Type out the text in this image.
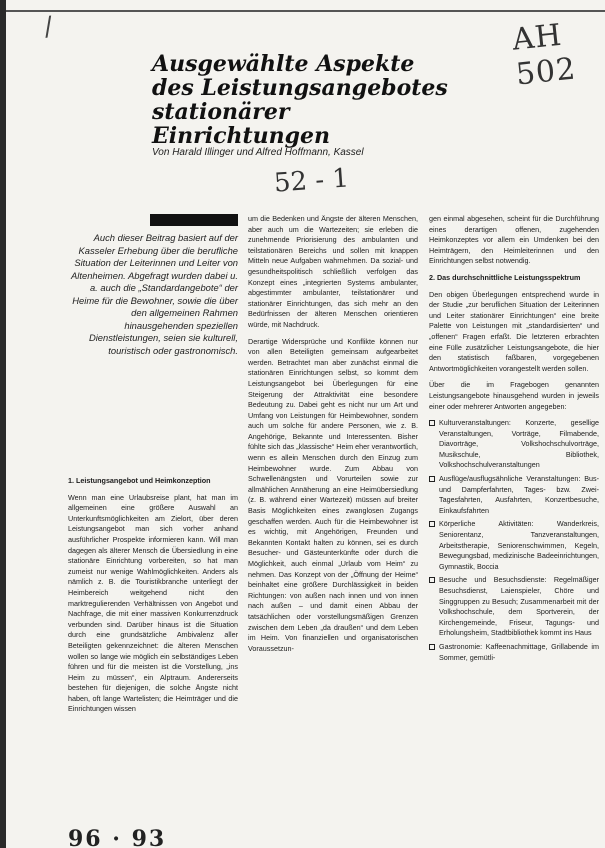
/	AH 502
Ausgewählte Aspekte des Leistungsangebotes stationärer Einrichtungen
Von Harald Illinger und Alfred Hoffmann, Kassel
52 - 1
Auch dieser Beitrag basiert auf der Kasseler Erhebung über die berufliche Situation der Leiterinnen und Leiter von Altenheimen. Abgefragt wurden dabei u. a. auch die „Standardangebote“ der Heime für die Bewohner, sowie die über den allgemeinen Rahmen hinausgehenden speziellen Dienstleistungen, seien sie kulturell, touristisch oder gastronomisch.

1. Leistungsangebot und Heimkonzeption

Wenn man eine Urlaubsreise plant, hat man im allgemeinen eine größere Auswahl an Unterkunftsmöglichkeiten am Zielort, über deren Leistungsangebot man sich vorher anhand ausführlicher Prospekte informieren kann. Will man dagegen als älterer Mensch die Übersiedlung in eine stationäre Einrichtung vorbereiten, so hat man zumeist nur wenige Wahlmöglichkeiten. Anders als nämlich z. B. die Touristikbranche unterliegt der Heimbereich weitgehend nicht den marktregulierenden Verhältnissen von Angebot und Nachfrage, die mit einer massiven Konkurrenzdruck verbunden sind. Darüber hinaus ist die Situation durch eine grundsätzliche Ambivalenz aller Beteiligten gekennzeichnet: die älteren Menschen wollen so lange wie möglich ein selbständiges Leben führen und für die meisten ist die Vorstellung, „ins Heim zu müssen“, ein Alptraum. Andererseits bestehen für diejenigen, die solche Ängste nicht haben, oft lange Wartelisten; die Heimträger und die Einrichtungen wissen

um die Bedenken und Ängste der älteren Menschen, aber auch um die Wartezeiten; sie erleben die zunehmende Priorisierung des ambulanten und teilstationären Bereichs und sollen mit knappen Mitteln neue Aufgaben wahrnehmen. Da sozial- und gesundheitspolitisch schließlich verfolgen das Konzept eines „integrierten Systems ambulanter, abgestimmter ambulanter, teilstationärer und stationärer Einrichtungen, das sich mehr an den Bedürfnissen der älteren Menschen orientieren würde, mit Nachdruck.

Derartige Widersprüche und Konflikte können nur von allen Beteiligten gemeinsam aufgearbeitet werden. Betrachtet man aber zunächst einmal die stationären Einrichtungen selbst, so kommt dem Leistungsangebot bei Überlegungen für eine Steigerung der Attraktivität eine besondere Bedeutung zu. Dabei geht es nicht nur um Art und Umfang von Leistungen für Heimbewohner, sondern auch um solche für andere Personen, wie z. B. Angehörige, Bekannte und Interessenten. Bisher fühlte sich das „klassische“ Heim eher verantwortlich, wenn es allein Menschen durch den Einzug zum Heimbewohner wurde. Zum Abbau von Schwellenängsten und Vorurteilen sowie zur allmählichen Annäherung an eine Heimübersiedlung (z. B. während einer Wartezeit) müssen auf breiter Basis Möglichkeiten eines zwanglosen Zugangs geschaffen werden. Auch für die Heimbewohner ist es wichtig, mit Angehörigen, Freunden und Bekannten Kontakt halten zu können, sei es durch Besucher- und Gästeunterkünfte oder durch die Möglichkeit, auch einmal „Urlaub vom Heim“ zu nehmen. Das Konzept von der „Öffnung der Heime“ beinhaltet eine größere Durchlässigkeit in beiden Richtungen: von außen nach innen und von innen nach außen – und damit einen Abbau der tatsächlichen oder vorstellungsmäßigen Grenzen zwischen dem Leben „da draußen“ und dem Leben im Heim. Von finanziellen und organisatorischen Voraussetzun-

gen einmal abgesehen, scheint für die Durchführung eines derartigen offenen, zugehenden Heimkonzeptes vor allem ein Umdenken bei den Heimträgern, den Heimleiterinnen und den Einrichtungen selbst notwendig.

2. Das durchschnittliche Leistungsspektrum

Den obigen Überlegungen entsprechend wurde in der Studie „zur beruflichen Situation der Leiterinnen und Leiter stationärer Einrichtungen“ eine breite Palette von Leistungen mit „standardisierten“ und „offenen“ Fragen erfaßt. Die letzteren erbrachten eine Fülle zusätzlicher Leistungsangebote, die hier den statistisch faßbaren, vorgegebenen Antwortmöglichkeiten vorangestellt werden sollen.

Über die im Fragebogen genannten Leistungsangebote hinausgehend wurden in jeweils einer oder mehrerer Antworten angegeben:

Kulturveranstaltungen: Konzerte, gesellige Veranstaltungen, Vorträge, Filmabende, Diavorträge, Volkshochschulvorträge, Musikschule, Bibliothek, Volkshochschulveranstaltungen
Ausflüge/ausflugsähnliche Veranstaltungen: Bus- und Dampferfahrten, Tages- bzw. Zwei-Tagesfahrten, Ausfahrten, Konzertbesuche, Einkaufsfahrten
Körperliche Aktivitäten: Wanderkreis, Seniorentanz, Tanzveranstaltungen, Arbeitstherapie, Seniorenschwimmen, Kegeln, Bewegungsbad, medizinische Badeeinrichtungen, Gymnastik, Boccia
Besuche und Besuchsdienste: Regelmäßiger Besuchsdienst, Laienspieler, Chöre und Singgruppen zu Besuch; Zusammenarbeit mit der Volkshochschule, dem Sportverein, der Kirchengemeinde, Friseur, Tagungs- und Erholungsheim, Stadtbibliothek kommt ins Haus
Gastronomie: Kaffeenachmittage, Grillabende im Sommer, gemütli-
96 · 93
